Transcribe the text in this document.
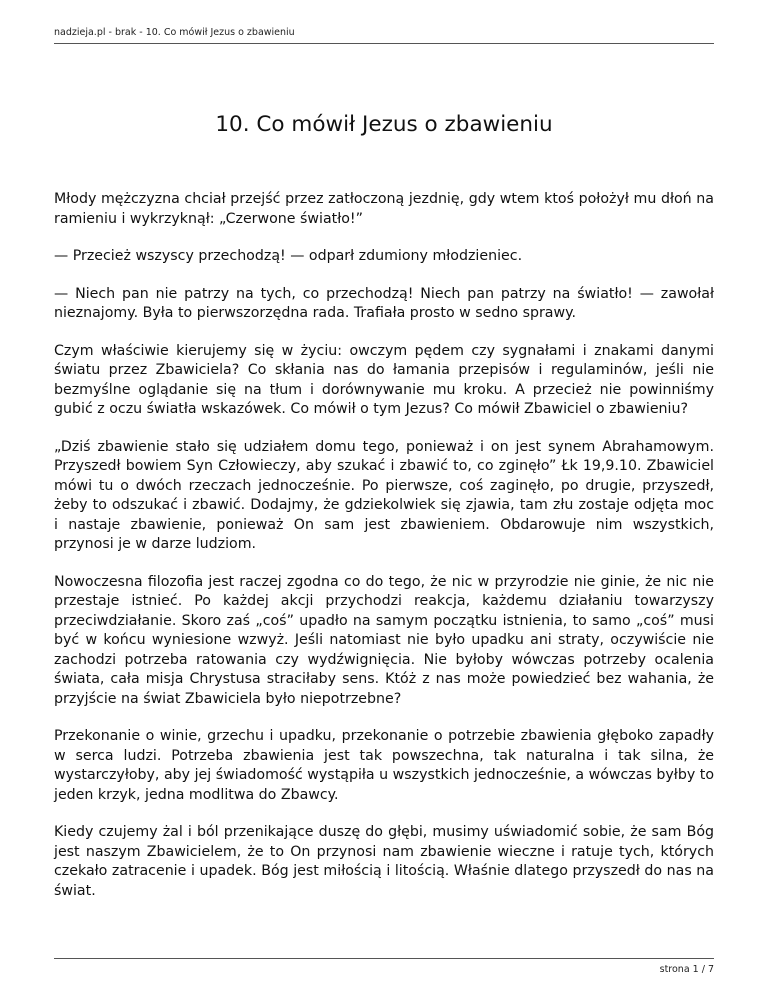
nadzieja.pl - brak - 10. Co mówił Jezus o zbawieniu
10. Co mówił Jezus o zbawieniu

Młody mężczyzna chciał przejść przez zatłoczoną jezdnię, gdy wtem ktoś położył mu dłoń na ramieniu i wykrzyknął: „Czerwone światło!”

— Przecież wszyscy przechodzą! — odparł zdumiony młodzieniec.

— Niech pan nie patrzy na tych, co przechodzą! Niech pan patrzy na światło! — zawołał nieznajomy. Była to pierwszorzędna rada. Trafiała prosto w sedno sprawy.

Czym właściwie kierujemy się w życiu: owczym pędem czy sygnałami i znakami danymi światu przez Zbawiciela? Co skłania nas do łamania przepisów i regulaminów, jeśli nie bezmyślne oglądanie się na tłum i dorównywanie mu kroku. A przecież nie powinniśmy gubić z oczu światła wskazówek. Co mówił o tym Jezus? Co mówił Zbawiciel o zbawieniu?

„Dziś zbawienie stało się udziałem domu tego, ponieważ i on jest synem Abrahamowym. Przyszedł bowiem Syn Człowieczy, aby szukać i zbawić to, co zginęło” Łk 19,9.10. Zbawiciel mówi tu o dwóch rzeczach jednocześnie. Po pierwsze, coś zaginęło, po drugie, przyszedł, żeby to odszukać i zbawić. Dodajmy, że gdziekolwiek się zjawia, tam złu zostaje odjęta moc i nastaje zbawienie, ponieważ On sam jest zbawieniem. Obdarowuje nim wszystkich, przynosi je w darze ludziom.

Nowoczesna filozofia jest raczej zgodna co do tego, że nic w przyrodzie nie ginie, że nic nie przestaje istnieć. Po każdej akcji przychodzi reakcja, każdemu działaniu towarzyszy przeciwdziałanie. Skoro zaś „coś” upadło na samym początku istnienia, to samo „coś” musi być w końcu wyniesione wzwyż. Jeśli natomiast nie było upadku ani straty, oczywiście nie zachodzi potrzeba ratowania czy wydźwignięcia. Nie byłoby wówczas potrzeby ocalenia świata, cała misja Chrystusa straciłaby sens. Któż z nas może powiedzieć bez wahania, że przyjście na świat Zbawiciela było niepotrzebne?

Przekonanie o winie, grzechu i upadku, przekonanie o potrzebie zbawienia głęboko zapadły w serca ludzi. Potrzeba zbawienia jest tak powszechna, tak naturalna i tak silna, że wystarczyłoby, aby jej świadomość wystąpiła u wszystkich jednocześnie, a wówczas byłby to jeden krzyk, jedna modlitwa do Zbawcy.

Kiedy czujemy żal i ból przenikające duszę do głębi, musimy uświadomić sobie, że sam Bóg jest naszym Zbawicielem, że to On przynosi nam zbawienie wieczne i ratuje tych, których czekało zatracenie i upadek. Bóg jest miłością i litością. Właśnie dlatego przyszedł do nas na świat.

strona 1 / 7
